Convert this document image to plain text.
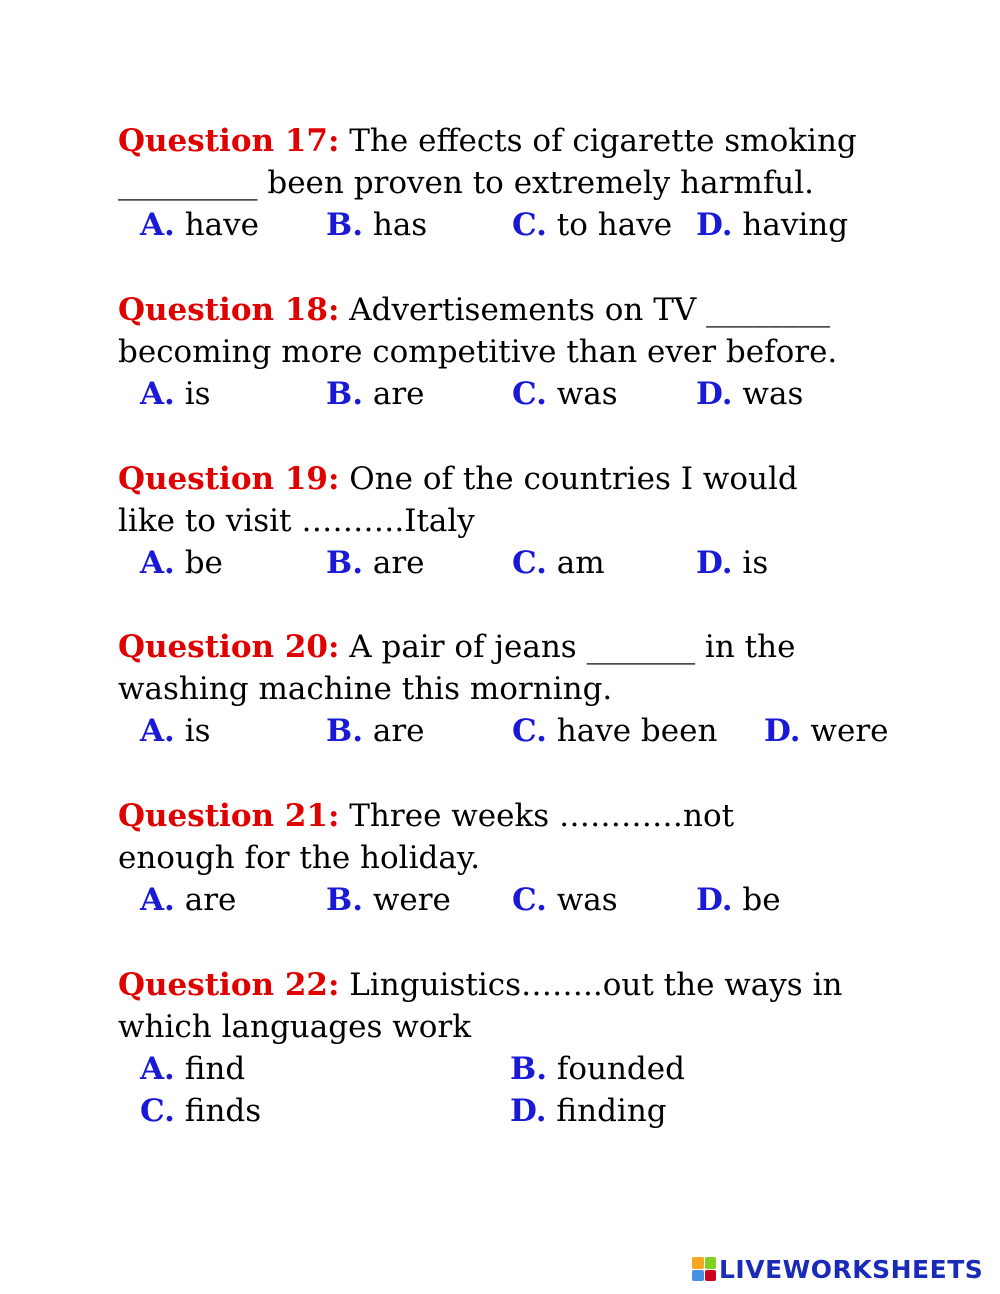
Question 17: The effects of cigarette smoking
_________ been proven to extremely harmful.
A. have B. has	C. to have D. having
Question 18: Advertisements on TV ________
becoming more competitive than ever before.
A. is	B. are	C. was	D. was
Question 19: One of the countries I would
like to visit ……….Italy
A. be	B. are	C. am	D. is
Question 20: A pair of jeans _______ in the
washing machine this morning.
A. is	B. are	C. have been D. were
Question 21: Three weeks …………not
enough for the holiday.
A. are	B. were C. was	D. be
Question 22: Linguistics……..out the ways in
which languages work
A. find	B. founded
C. finds	D. finding
LIVEWORKSHEETS
